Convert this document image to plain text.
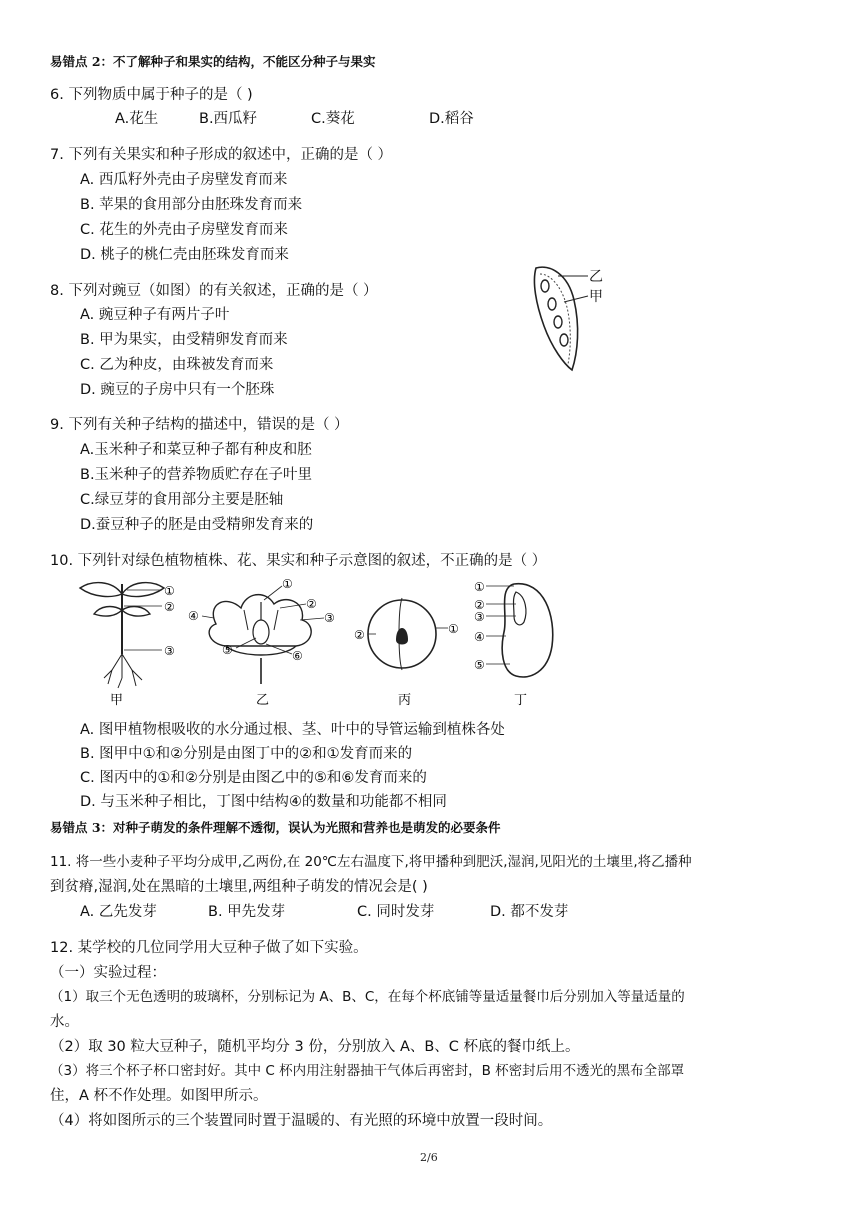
易错点 2：不了解种子和果实的结构，不能区分种子与果实
6. 下列物质中属于种子的是（ )
A.花生	B.西瓜籽	C.葵花	D.稻谷
7. 下列有关果实和种子形成的叙述中，正确的是（ ）
A. 西瓜籽外壳由子房壁发育而来
B. 苹果的食用部分由胚珠发育而来
C. 花生的外壳由子房壁发育而来
D. 桃子的桃仁壳由胚珠发育而来
8. 下列对豌豆（如图）的有关叙述，正确的是（ ）
A. 豌豆种子有两片子叶
B. 甲为果实，由受精卵发育而来
C. 乙为种皮，由珠被发育而来
D. 豌豆的子房中只有一个胚珠
乙
甲
9. 下列有关种子结构的描述中，错误的是（ ）
A.玉米种子和菜豆种子都有种皮和胚
B.玉米种子的营养物质贮存在子叶里
C.绿豆芽的食用部分主要是胚轴
D.蚕豆种子的胚是由受精卵发育来的
10. 下列针对绿色植物植株、花、果实和种子示意图的叙述，不正确的是（ ）
①
②
③
甲
①
②
③
④
⑤	⑥
乙
①
②
丙
①
②
③
④
⑤
丁
A. 图甲植物根吸收的水分通过根、茎、叶中的导管运输到植株各处
B. 图甲中①和②分别是由图丁中的②和①发育而来的
C. 图丙中的①和②分别是由图乙中的⑤和⑥发育而来的
D. 与玉米种子相比，丁图中结构④的数量和功能都不相同
易错点 3：对种子萌发的条件理解不透彻，误认为光照和营养也是萌发的必要条件
11. 将一些小麦种子平均分成甲,乙两份,在 20℃左右温度下,将甲播种到肥沃,湿润,见阳光的土壤里,将乙播种
到贫瘠,湿润,处在黑暗的土壤里,两组种子萌发的情况会是( )
A. 乙先发芽	B. 甲先发芽	C. 同时发芽	D. 都不发芽
12. 某学校的几位同学用大豆种子做了如下实验。
（一）实验过程：
（1）取三个无色透明的玻璃杯，分别标记为 A、B、C，在每个杯底铺等量适量餐巾后分别加入等量适量的
水。
（2）取 30 粒大豆种子，随机平均分 3 份，分别放入 A、B、C 杯底的餐巾纸上。
（3）将三个杯子杯口密封好。其中 C 杯内用注射器抽干气体后再密封，B 杯密封后用不透光的黑布全部罩
住，A 杯不作处理。如图甲所示。
（4）将如图所示的三个装置同时置于温暖的、有光照的环境中放置一段时间。
2/6
